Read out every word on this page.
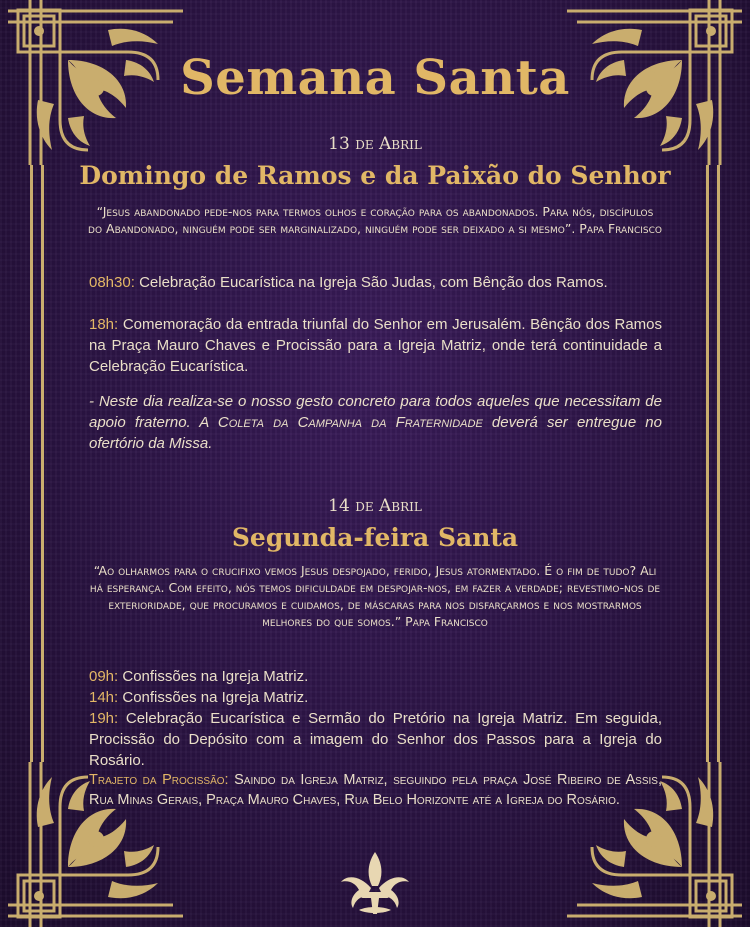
Semana Santa
13 de Abril
Domingo de Ramos e da Paixão do Senhor

“Jesus abandonado pede-nos para termos olhos e coração para os abandonados. Para nós, discípulos do Abandonado, ninguém pode ser marginalizado, ninguém pode ser deixado a si mesmo”. Papa Francisco

08h30: Celebração Eucarística na Igreja São Judas, com Bênção dos Ramos.

18h: Comemoração da entrada triunfal do Senhor em Jerusalém. Bênção dos Ramos na Praça Mauro Chaves e Procissão para a Igreja Matriz, onde terá continuidade a Celebração Eucarística.

- Neste dia realiza-se o nosso gesto concreto para todos aqueles que necessitam de apoio fraterno. A Coleta da Campanha da Fraternidade deverá ser entregue no ofertório da Missa.

14 de Abril
Segunda-feira Santa

“Ao olharmos para o crucifixo vemos Jesus despojado, ferido, Jesus atormentado. É o fim de tudo? Ali há esperança. Com efeito, nós temos dificuldade em despojar-nos, em fazer a verdade; revestimo-nos de exterioridade, que procuramos e cuidamos, de máscaras para nos disfarçarmos e nos mostrarmos melhores do que somos.” Papa Francisco

09h: Confissões na Igreja Matriz.

14h: Confissões na Igreja Matriz.

19h: Celebração Eucarística e Sermão do Pretório na Igreja Matriz. Em seguida, Procissão do Depósito com a imagem do Senhor dos Passos para a Igreja do Rosário.

Trajeto da Procissão: Saindo da Igreja Matriz, seguindo pela praça José Ribeiro de Assis, Rua Minas Gerais, Praça Mauro Chaves, Rua Belo Horizonte até a Igreja do Rosário.
